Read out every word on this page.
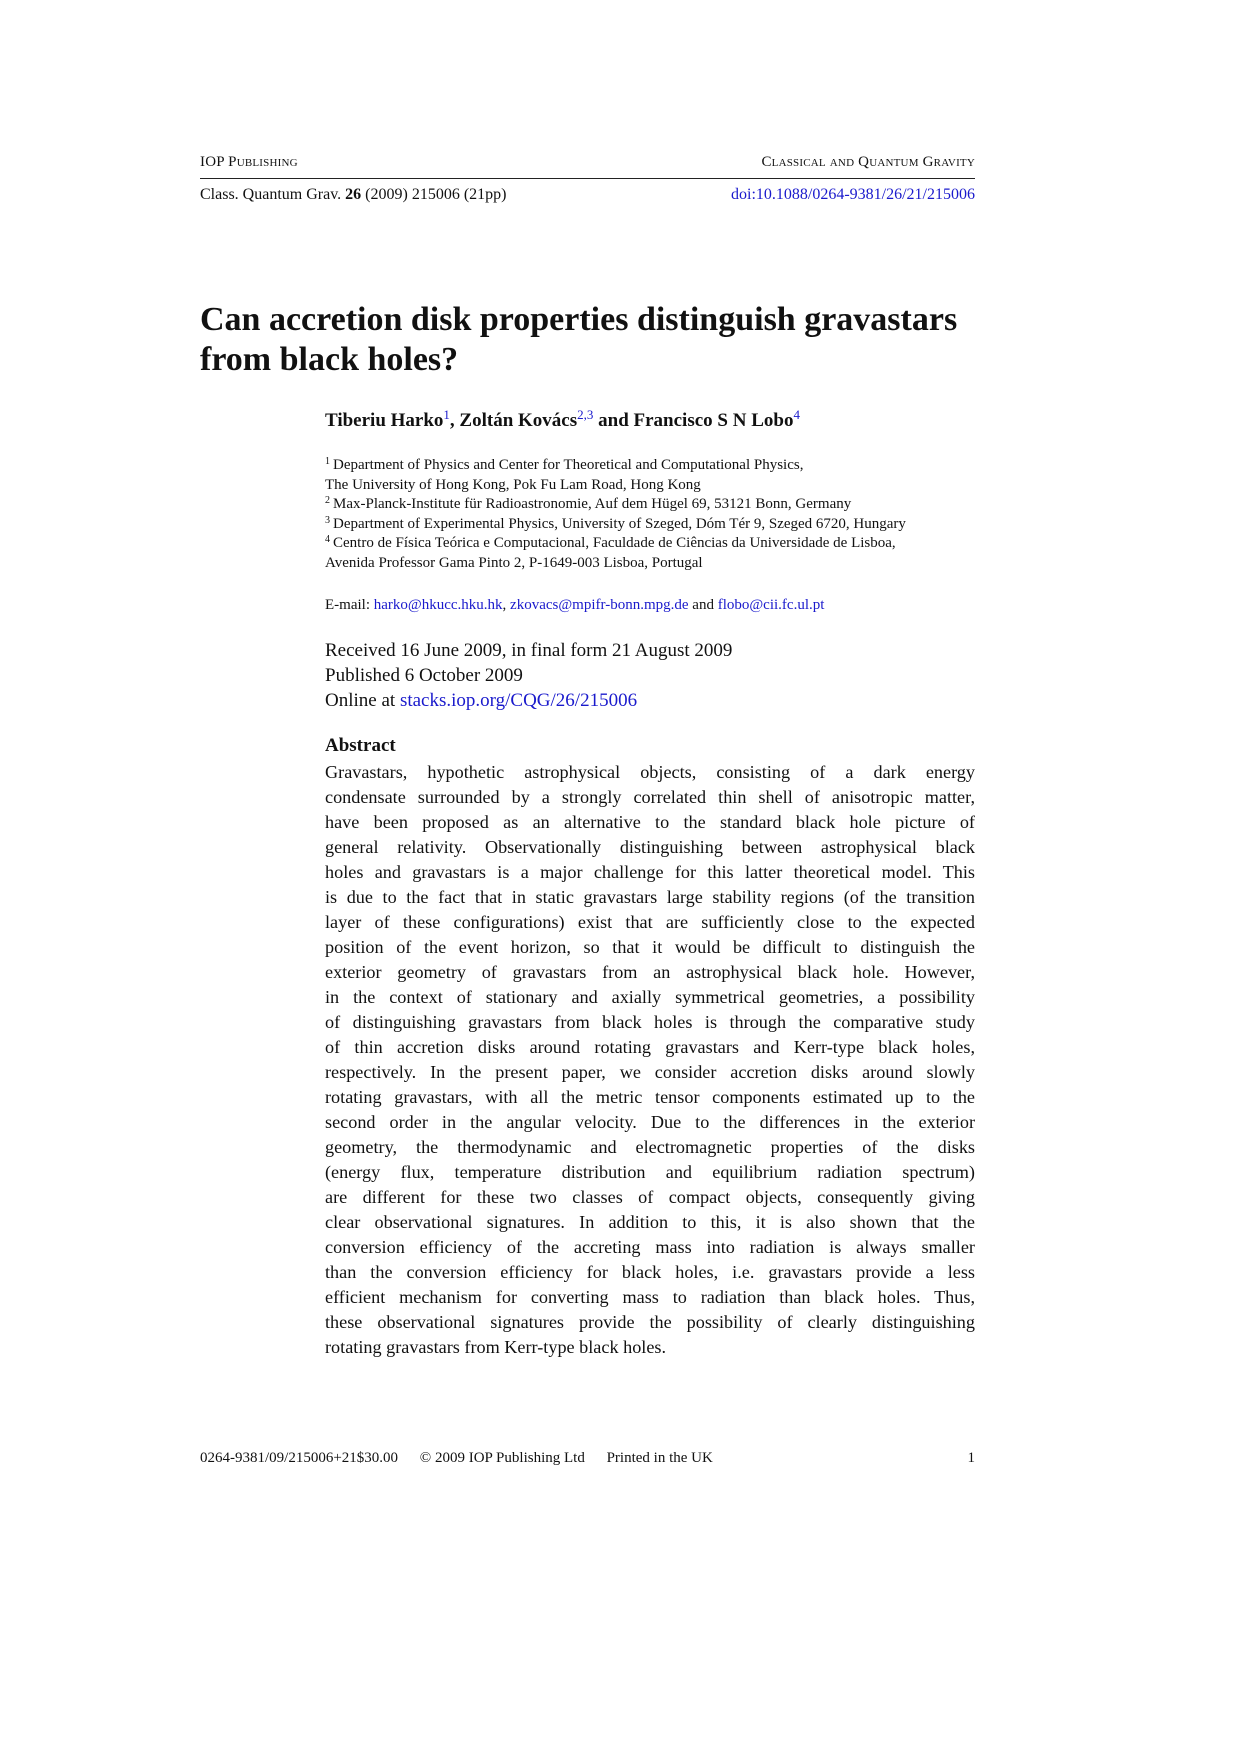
IOP Publishing	Classical and Quantum Gravity
Class. Quantum Grav. 26 (2009) 215006 (21pp)	doi:10.1088/0264-9381/26/21/215006
Can accretion disk properties distinguish gravastars
from black holes?
Tiberiu Harko$^1$, Zoltán Kovács$^{2,3}$ and Francisco S N Lobo$^4$
$^1$ Department of Physics and Center for Theoretical and Computational Physics,
The University of Hong Kong, Pok Fu Lam Road, Hong Kong
$^2$ Max-Planck-Institute für Radioastronomie, Auf dem Hügel 69, 53121 Bonn, Germany
$^3$ Department of Experimental Physics, University of Szeged, Dóm Tér 9, Szeged 6720, Hungary
$^4$ Centro de Física Teórica e Computacional, Faculdade de Ciências da Universidade de Lisboa,
Avenida Professor Gama Pinto 2, P-1649-003 Lisboa, Portugal
E-mail: harko@hkucc.hku.hk, zkovacs@mpifr-bonn.mpg.de and flobo@cii.fc.ul.pt
Received 16 June 2009, in final form 21 August 2009
Published 6 October 2009
Online at stacks.iop.org/CQG/26/215006
Abstract
Gravastars, hypothetic astrophysical objects, consisting of a dark energy
condensate surrounded by a strongly correlated thin shell of anisotropic matter,
have been proposed as an alternative to the standard black hole picture of
general relativity. Observationally distinguishing between astrophysical black
holes and gravastars is a major challenge for this latter theoretical model. This
is due to the fact that in static gravastars large stability regions (of the transition
layer of these configurations) exist that are sufficiently close to the expected
position of the event horizon, so that it would be difficult to distinguish the
exterior geometry of gravastars from an astrophysical black hole. However,
in the context of stationary and axially symmetrical geometries, a possibility
of distinguishing gravastars from black holes is through the comparative study
of thin accretion disks around rotating gravastars and Kerr-type black holes,
respectively. In the present paper, we consider accretion disks around slowly
rotating gravastars, with all the metric tensor components estimated up to the
second order in the angular velocity. Due to the differences in the exterior
geometry, the thermodynamic and electromagnetic properties of the disks
(energy flux, temperature distribution and equilibrium radiation spectrum)
are different for these two classes of compact objects, consequently giving
clear observational signatures. In addition to this, it is also shown that the
conversion efficiency of the accreting mass into radiation is always smaller
than the conversion efficiency for black holes, i.e. gravastars provide a less
efficient mechanism for converting mass to radiation than black holes. Thus,
these observational signatures provide the possibility of clearly distinguishing
rotating gravastars from Kerr-type black holes.
0264-9381/09/215006+21$30.00 © 2009 IOP Publishing Ltd Printed in the UK	1
